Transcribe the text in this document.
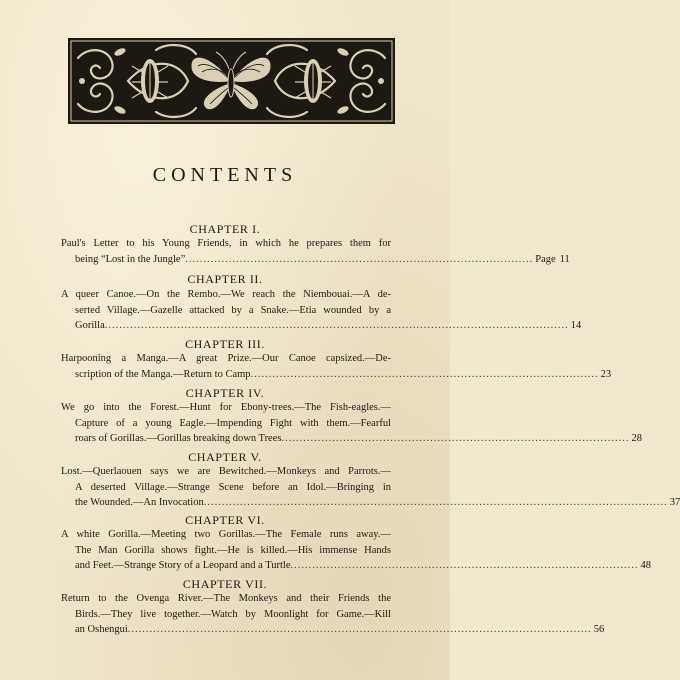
CONTENTS
CHAPTER I.
Paul's Letter to his Young Friends, in which he prepares them for
being “Lost in the Jungle” ................................................................................................ Page 11
CHAPTER II.
A queer Canoe.—On the Rembo.—We reach the Niembouai.—A de-
serted Village.—Gazelle attacked by a Snake.—Etia wounded by a
Gorilla ................................................................................................................................ 14
CHAPTER III.
Harpooning a Manga.—A great Prize.—Our Canoe capsized.—De-
scription of the Manga.—Return to Camp ................................................................................................ 23
CHAPTER IV.
We go into the Forest.—Hunt for Ebony-trees.—The Fish-eagles.—
Capture of a young Eagle.—Impending Fight with them.—Fearful
roars of Gorillas.—Gorillas breaking down Trees ................................................................................................ 28
CHAPTER V.
Lost.—Querlaouen says we are Bewitched.—Monkeys and Parrots.—
A deserted Village.—Strange Scene before an Idol.—Bringing in
the Wounded.—An Invocation ................................................................................................................................ 37
CHAPTER VI.
A white Gorilla.—Meeting two Gorillas.—The Female runs away.—
The Man Gorilla shows fight.—He is killed.—His immense Hands
and Feet.—Strange Story of a Leopard and a Turtle ................................................................................................ 48
CHAPTER VII.
Return to the Ovenga River.—The Monkeys and their Friends the
Birds.—They live together.—Watch by Moonlight for Game.—Kill
an Oshengui ................................................................................................................................ 56
